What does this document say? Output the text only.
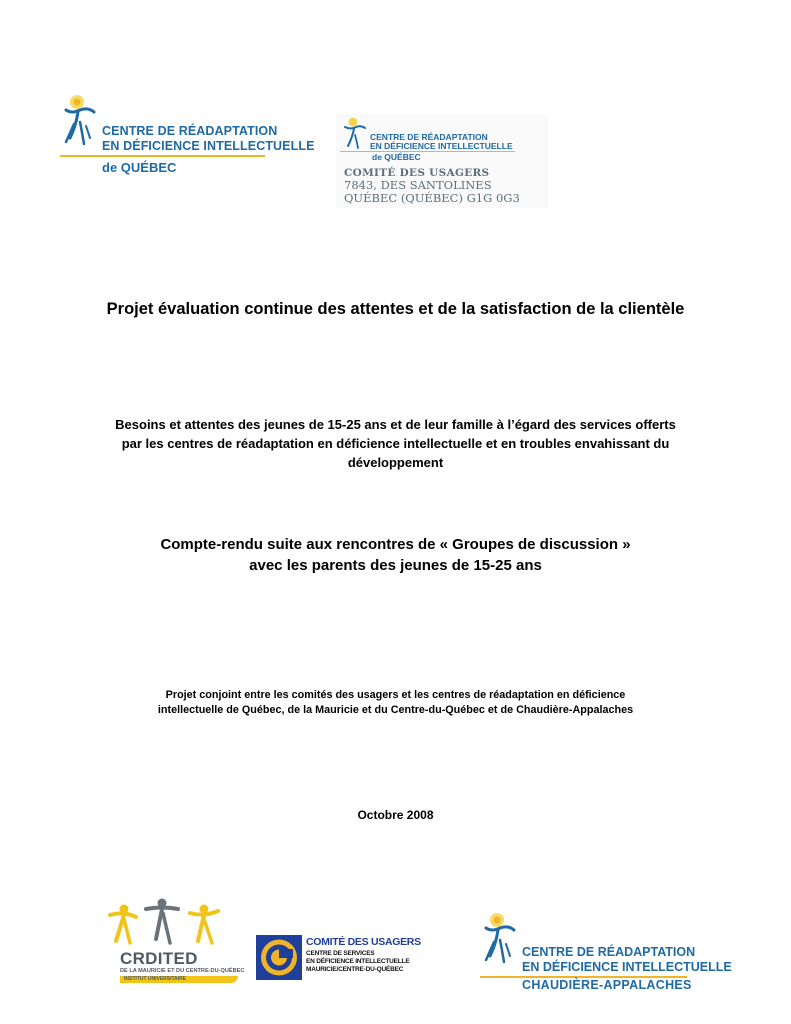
CENTRE DE RÉADAPTATION
EN DÉFICIENCE INTELLECTUELLE
de QUÉBEC
CENTRE DE RÉADAPTATION
EN DÉFICIENCE INTELLECTUELLE
de QUÉBEC
COMITÉ DES USAGERS
7843, DES SANTOLINES
QUÉBEC (QUÉBEC) G1G 0G3
Projet évaluation continue des attentes et de la satisfaction de la clientèle
Besoins et attentes des jeunes de 15-25 ans et de leur famille à l’égard des services offerts par les centres de réadaptation en déficience intellectuelle et en troubles envahissant du développement
Compte-rendu suite aux rencontres de « Groupes de discussion » avec les parents des jeunes de 15-25 ans
Projet conjoint entre les comités des usagers et les centres de réadaptation en déficience intellectuelle de Québec, de la Mauricie et du Centre-du-Québec et de Chaudière-Appalaches
Octobre 2008
CRDITED
DE LA MAURICIE ET DU CENTRE-DU-QUÉBEC
INSTITUT UNIVERSITAIRE
COMITÉ DES USAGERS
CENTRE DE SERVICES
EN DÉFICIENCE INTELLECTUELLE
MAURICIE/CENTRE-DU-QUÉBEC
CENTRE DE RÉADAPTATION
EN DÉFICIENCE INTELLECTUELLE
CHAUDIÈRE-APPALACHES
